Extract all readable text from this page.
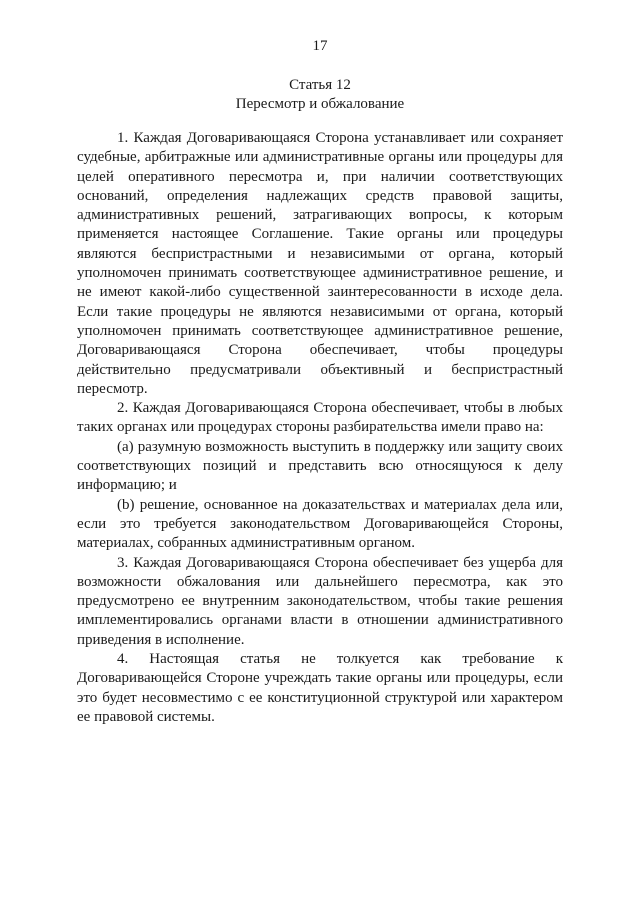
17
Статья 12
Пересмотр и обжалование

1. Каждая Договаривающаяся Сторона устанавливает или сохраняет судебные, арбитражные или административные органы или процедуры для целей оперативного пересмотра и, при наличии соответствующих оснований, определения надлежащих средств правовой защиты, административных решений, затрагивающих вопросы, к которым применяется настоящее Соглашение. Такие органы или процедуры являются беспристрастными и независимыми от органа, который уполномочен принимать соответствующее административное решение, и не имеют какой-либо существенной заинтересованности в исходе дела. Если такие процедуры не являются независимыми от органа, который уполномочен принимать соответствующее административное решение, Договаривающаяся Сторона обеспечивает, чтобы процедуры действительно предусматривали объективный и беспристрастный пересмотр.

2. Каждая Договаривающаяся Сторона обеспечивает, чтобы в любых таких органах или процедурах стороны разбирательства имели право на:

(a) разумную возможность выступить в поддержку или защиту своих соответствующих позиций и представить всю относящуюся к делу информацию; и

(b) решение, основанное на доказательствах и материалах дела или, если это требуется законодательством Договаривающейся Стороны, материалах, собранных административным органом.

3. Каждая Договаривающаяся Сторона обеспечивает без ущерба для возможности обжалования или дальнейшего пересмотра, как это предусмотрено ее внутренним законодательством, чтобы такие решения имплементировались органами власти в отношении административного приведения в исполнение.

4. Настоящая статья не толкуется как требование к Договаривающейся Стороне учреждать такие органы или процедуры, если это будет несовместимо с ее конституционной структурой или характером ее правовой системы.
